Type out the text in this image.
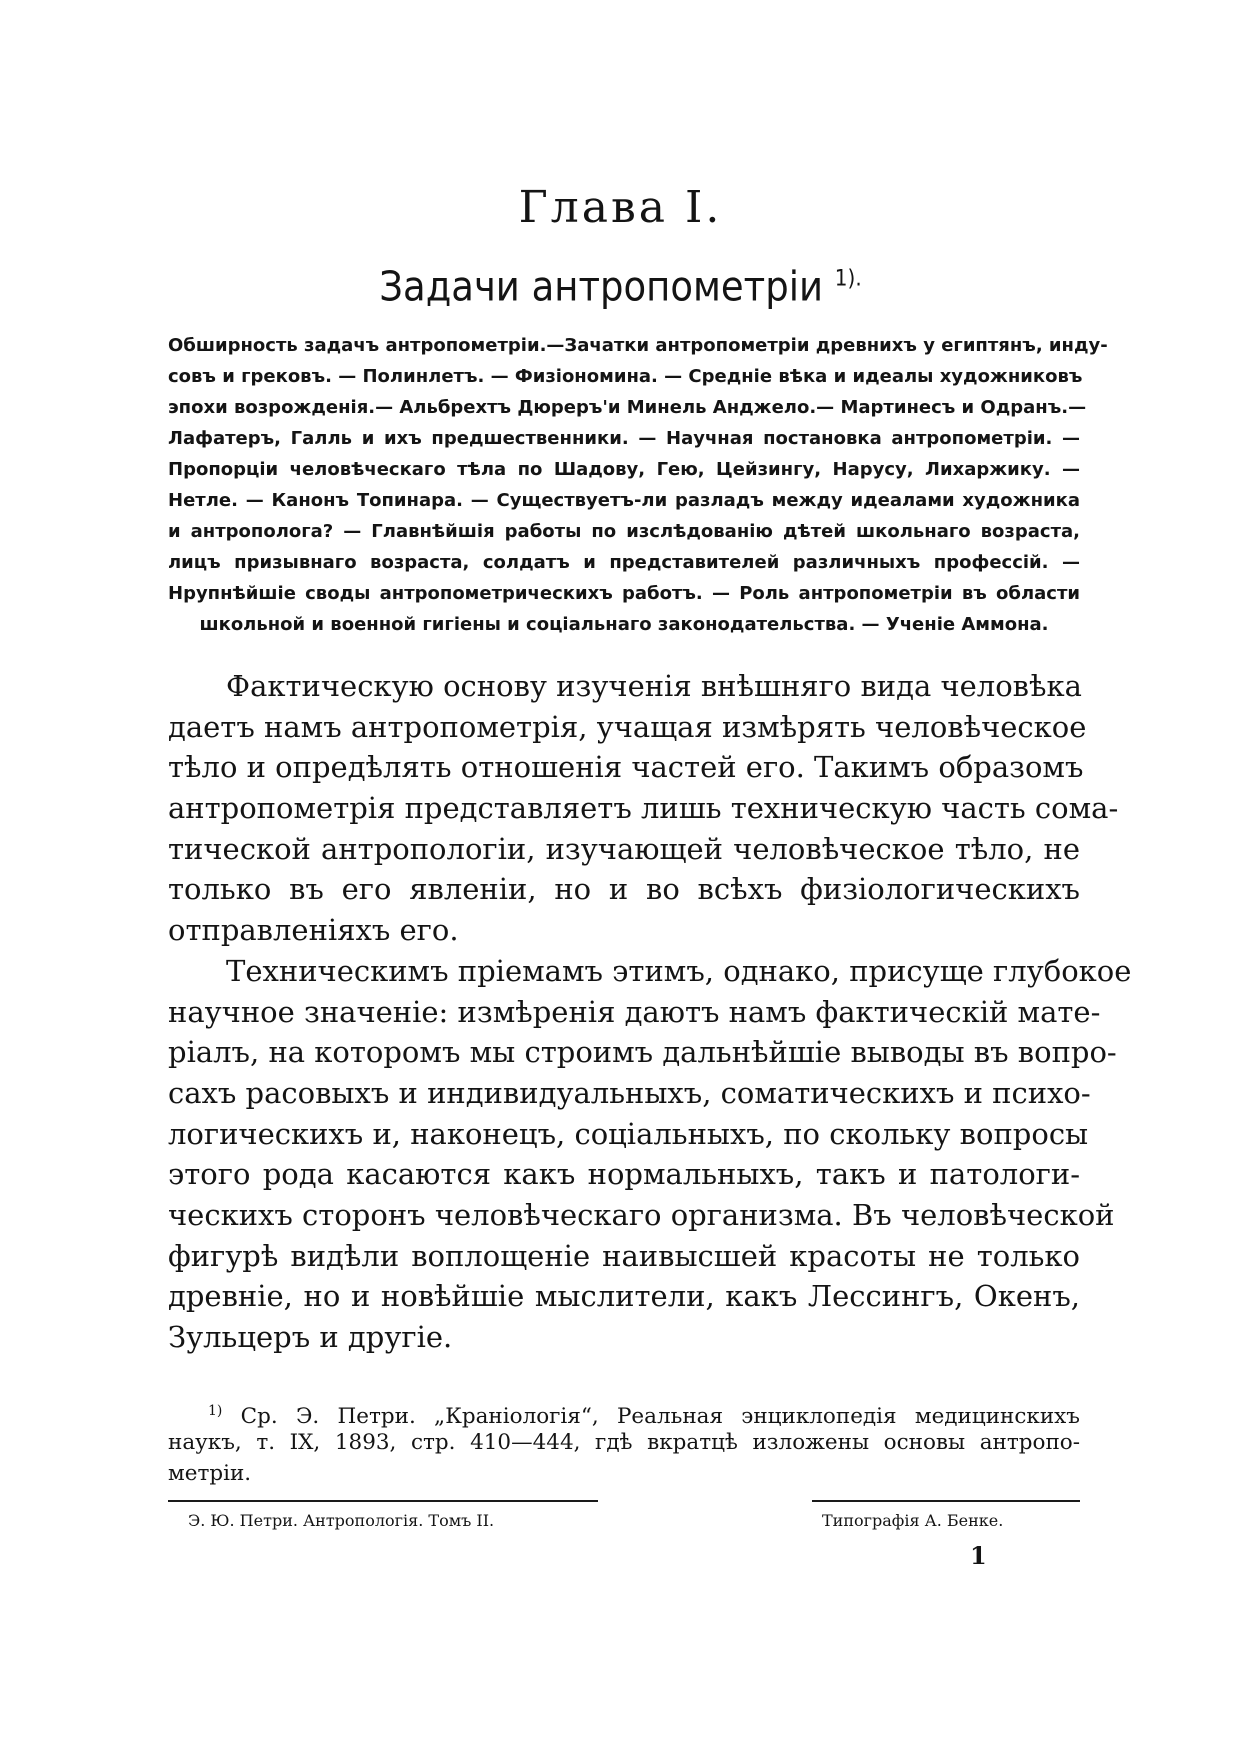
Глава I.
Задачи антропометріи $^{1).}$
Обширность задачъ антропометріи.—Зачатки антропометріи древнихъ у египтянъ, инду-
совъ и грековъ. — Полинлетъ. — Физіономина. — Средніе вѣка и идеалы художниковъ
эпохи возрожденія.— Альбрехтъ Дюреръ'и Минель Анджело.— Мартинесъ и Одранъ.—
Лафатеръ, Галль и ихъ предшественники. — Научная постановка антропометріи. —
Пропорціи человѣческаго тѣла по Шадову, Гею, Цейзингу, Нарусу, Лихаржику. —
Нетле. — Канонъ Топинара. — Существуетъ-ли разладъ между идеалами художника
и антрополога? — Главнѣйшія работы по изслѣдованію дѣтей школьнаго возраста,
лицъ призывнаго возраста, солдатъ и представителей различныхъ профессій. —
Нрупнѣйшіе своды антропометрическихъ работъ. — Роль антропометріи въ области
школьной и военной гигіены и соціальнаго законодательства. — Ученіе Аммона.
Фактическую основу изученія внѣшняго вида человѣка
даетъ намъ антропометрія, учащая измѣрять человѣческое
тѣло и опредѣлять отношенія частей его. Такимъ образомъ
антропометрія представляетъ лишь техническую часть сома-
тической антропологіи, изучающей человѣческое тѣло, не
только въ его явленіи, но и во всѣхъ физіологическихъ
отправленіяхъ его.
Техническимъ пріемамъ этимъ, однако, присуще глубокое
научное значеніе: измѣренія даютъ намъ фактическій мате-
ріалъ, на которомъ мы строимъ дальнѣйшіе выводы въ вопро-
сахъ расовыхъ и индивидуальныхъ, соматическихъ и психо-
логическихъ и, наконецъ, соціальныхъ, по скольку вопросы
этого рода касаются какъ нормальныхъ, такъ и патологи-
ческихъ сторонъ человѣческаго организма. Въ человѣческой
фигурѣ видѣли воплощеніе наивысшей красоты не только
древніе, но и новѣйшіе мыслители, какъ Лессингъ, Окенъ,
Зульцеръ и другіе.
$^{1)}$ Ср. Э. Петри. „Краніологія“, Реальная энциклопедія медицинскихъ
наукъ, т. IX, 1893, стр. 410—444, гдѣ вкратцѣ изложены основы антропо-
метріи.
Э. Ю. Петри. Антропологія. Томъ II.	Типографія А. Бенке.
1
